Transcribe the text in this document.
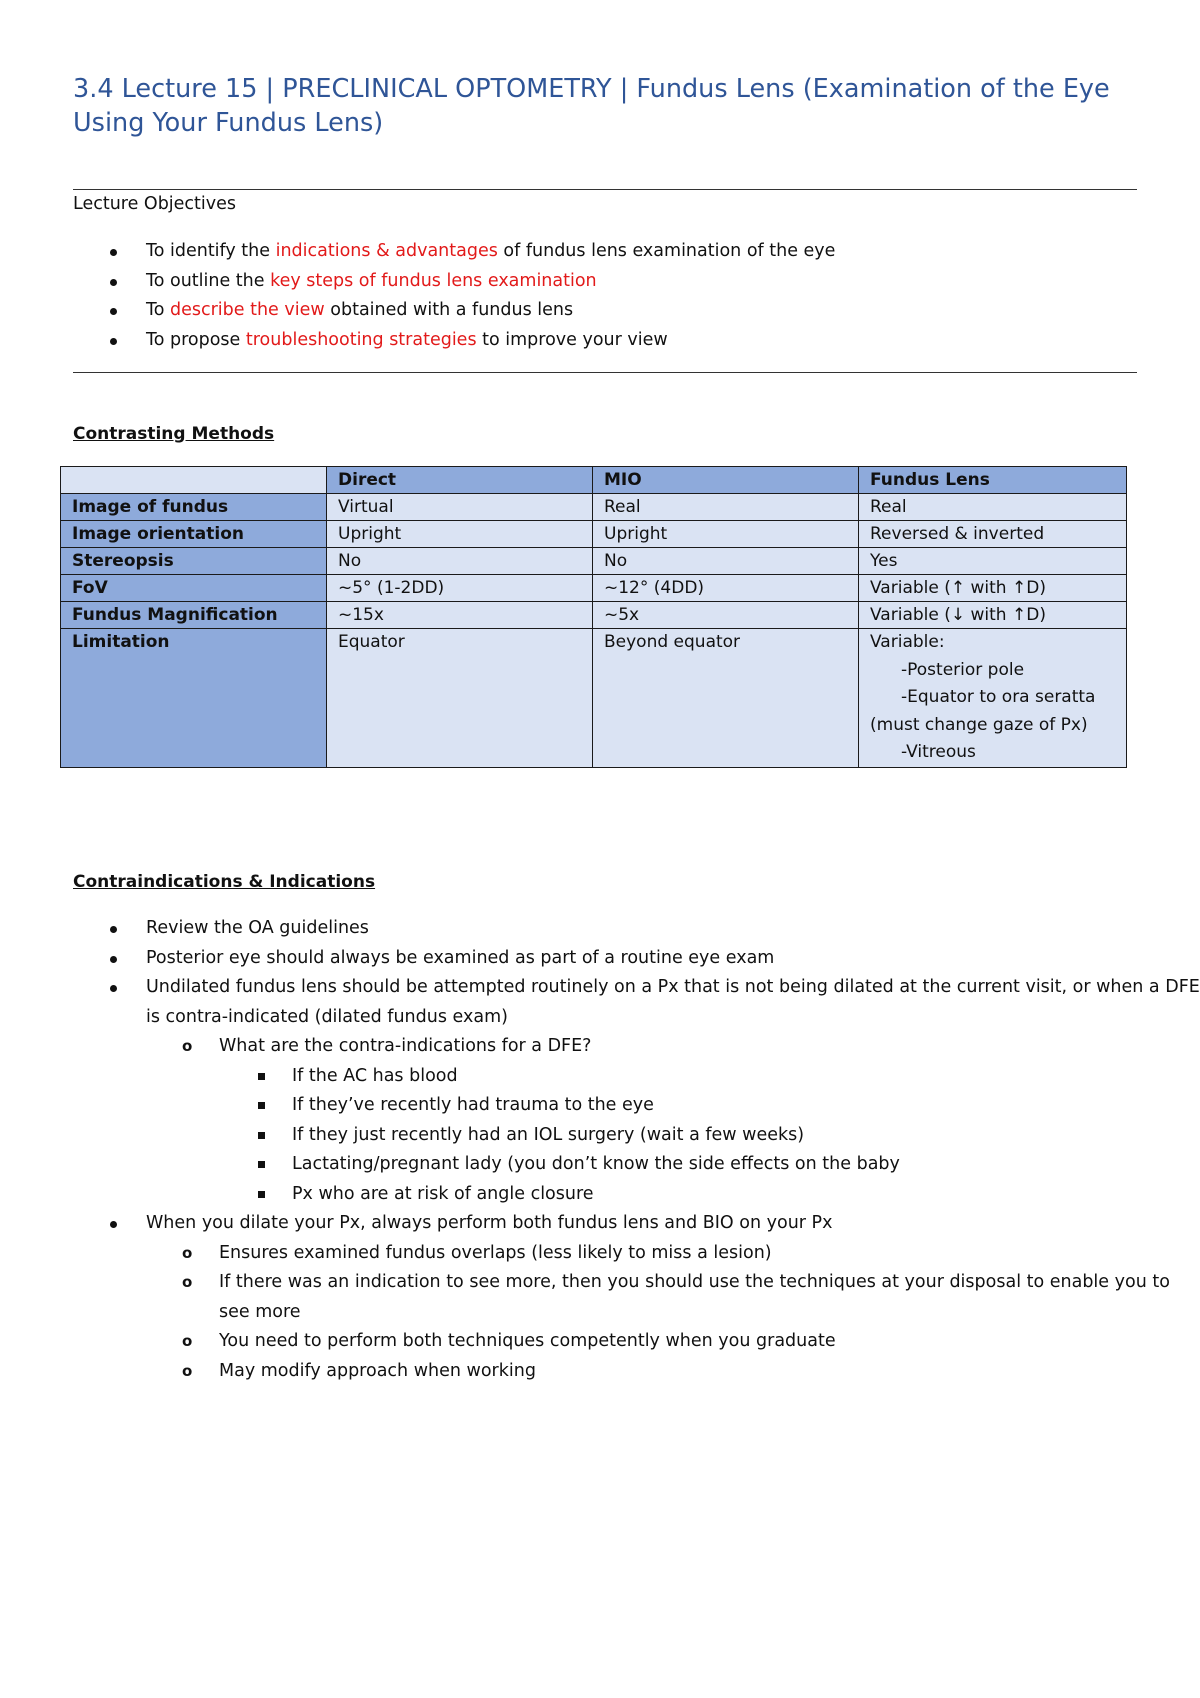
3.4 Lecture 15 | PRECLINICAL OPTOMETRY | Fundus Lens (Examination of the Eye Using Your Fundus Lens)
Lecture Objectives
To identify the indications & advantages of fundus lens examination of the eye
To outline the key steps of fundus lens examination
To describe the view obtained with a fundus lens
To propose troubleshooting strategies to improve your view
Contrasting Methods
	Direct	MIO	Fundus Lens
Image of fundus	Virtual	Real	Real
Image orientation	Upright	Upright	Reversed & inverted
Stereopsis	No	No	Yes
FoV	~5° (1-2DD)	~12° (4DD)	Variable (↑ with ↑D)
Fundus Magnification	~15x	~5x	Variable (↓ with ↑D)
Limitation	Equator	Beyond equator	Variable:
-Posterior pole
-Equator to ora seratta
(must change gaze of Px)
-Vitreous
Contraindications & Indications
Review the OA guidelines
Posterior eye should always be examined as part of a routine eye exam
Undilated fundus lens should be attempted routinely on a Px that is not being dilated at the current visit, or when a DFE is contra-indicated (dilated fundus exam)
o What are the contra-indications for a DFE?
If the AC has blood
If they’ve recently had trauma to the eye
If they just recently had an IOL surgery (wait a few weeks)
Lactating/pregnant lady (you don’t know the side effects on the baby
Px who are at risk of angle closure
When you dilate your Px, always perform both fundus lens and BIO on your Px
o Ensures examined fundus overlaps (less likely to miss a lesion)
o If there was an indication to see more, then you should use the techniques at your disposal to enable you to see more
o You need to perform both techniques competently when you graduate
o May modify approach when working
